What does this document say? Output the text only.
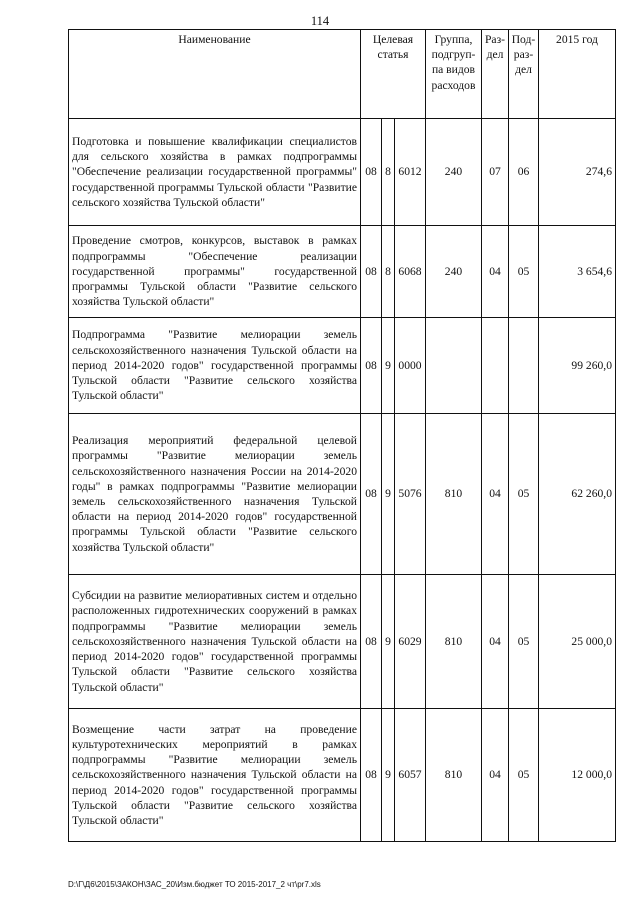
114
Наименование	Целевая статья			Группа, подгруп-па видов расходов	Раз-дел	Под-раз-дел	2015 год
Подготовка и повышение квалификации специалистов для сельского хозяйства в рамках подпрограммы "Обеспечение реализации государственной программы" государственной программы Тульской области "Развитие сельского хозяйства Тульской области"	08	8	6012	240	07	06	274,6
Проведение смотров, конкурсов, выставок в рамках подпрограммы "Обеспечение реализации государственной программы" государственной программы Тульской области "Развитие сельского хозяйства Тульской области"	08	8	6068	240	04	05	3 654,6
Подпрограмма "Развитие мелиорации земель сельскохозяйственного назначения Тульской области на период 2014-2020 годов" государственной программы Тульской области "Развитие сельского хозяйства Тульской области"	08	9	0000				99 260,0
Реализация мероприятий федеральной целевой программы "Развитие мелиорации земель сельскохозяйственного назначения России на 2014-2020 годы" в рамках подпрограммы "Развитие мелиорации земель сельскохозяйственного назначения Тульской области на период 2014-2020 годов" государственной программы Тульской области "Развитие сельского хозяйства Тульской области"	08	9	5076	810	04	05	62 260,0
Субсидии на развитие мелиоративных систем и отдельно расположенных гидротехнических сооружений в рамках подпрограммы "Развитие мелиорации земель сельскохозяйственного назначения Тульской области на период 2014-2020 годов" государственной программы Тульской области "Развитие сельского хозяйства Тульской области"	08	9	6029	810	04	05	25 000,0
Возмещение части затрат на проведение культуротехнических мероприятий в рамках подпрограммы "Развитие мелиорации земель сельскохозяйственного назначения Тульской области на период 2014-2020 годов" государственной программы Тульской области "Развитие сельского хозяйства Тульской области"	08	9	6057	810	04	05	12 000,0
D:\Г\Д6\2015\ЗАКОН\ЗАС_20\Изм.бюджет ТО 2015-2017_2 чт\pr7.xls
